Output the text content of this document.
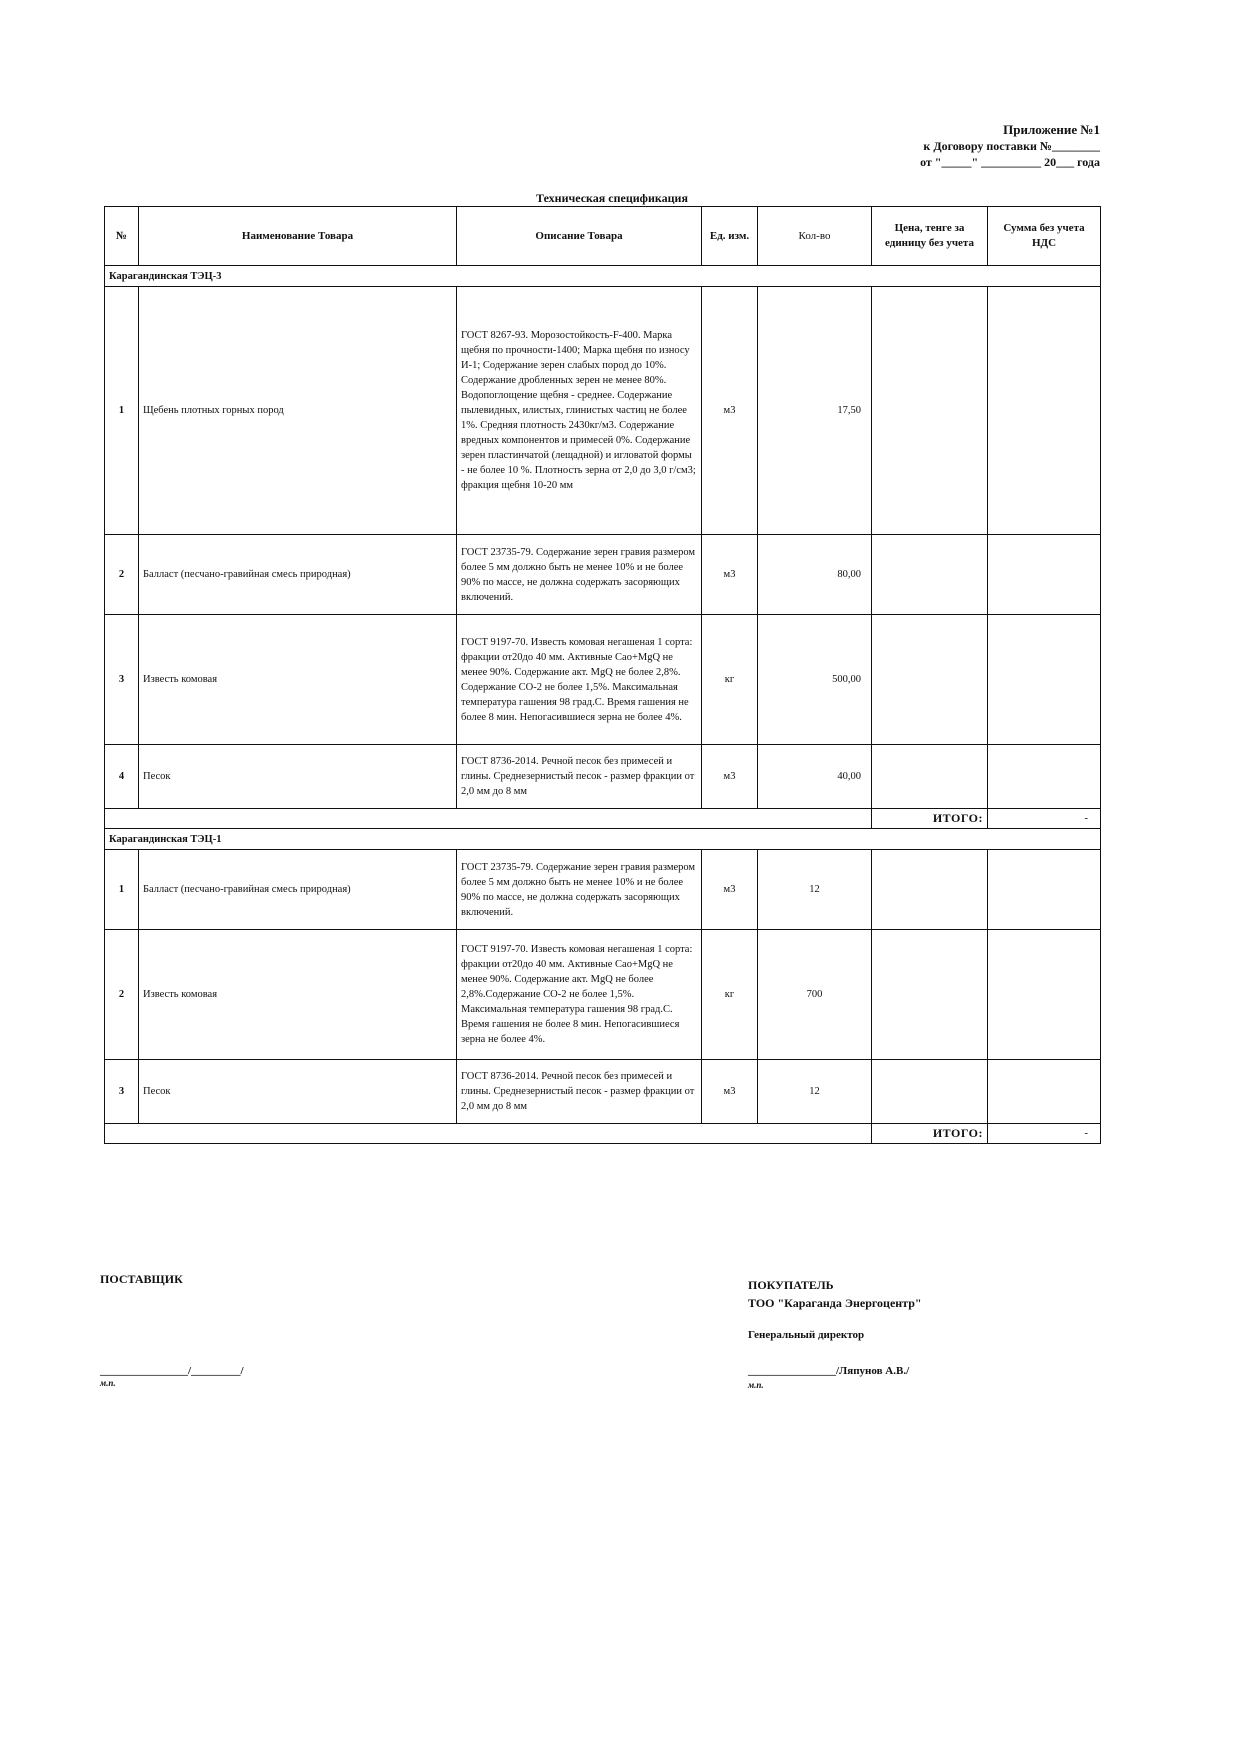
Приложение №1
к Договору поставки №________
от "_____" __________ 20___ года
Техническая спецификация
№	Наименование Товара	Описание Товара	Ед. изм.	Кол-во	Цена, тенге за единицу без учета	Сумма без учета НДС
Карагандинская ТЭЦ-3						
1	Щебень плотных горных пород	ГОСТ 8267-93. Морозостойкость-F-400. Марка щебня по прочности-1400; Марка щебня по износу И-1; Содержание зерен слабых пород до 10%. Содержание дробленных зерен не менее 80%. Водопоглощение щебня - среднее. Содержание пылевидных, илистых, глинистых частиц не более 1%. Средняя плотность 2430кг/м3. Содержание вредных компонентов и примесей 0%. Содержание зерен пластинчатой (лещадной) и игловатой формы - не более 10 %. Плотность зерна от 2,0 до 3,0 г/см3; фракция щебня 10-20 мм	м3	17,50		
2	Балласт (песчано-гравийная смесь природная)	ГОСТ 23735-79. Содержание зерен гравия размером более 5 мм должно быть не менее 10% и не более 90% по массе, не должна содержать засоряющих включений.	м3	80,00		
3	Известь комовая	ГОСТ 9197-70. Известь комовая негашеная 1 сорта: фракции от20до 40 мм. Активные Сао+MgQ не менее 90%. Содержание акт. MgQ не более 2,8%. Содержание СО-2 не более 1,5%. Максимальная температура гашения 98 град.С. Время гашения не более 8 мин. Непогасившиеся зерна не более 4%.	кг	500,00		
4	Песок	ГОСТ 8736-2014. Речной песок без примесей и глины. Среднезернистый песок - размер фракции от 2,0 мм до 8 мм	м3	40,00		
					ИТОГО:	-
Карагандинская ТЭЦ-1						
1	Балласт (песчано-гравийная смесь природная)	ГОСТ 23735-79. Содержание зерен гравия размером более 5 мм должно быть не менее 10% и не более 90% по массе, не должна содержать засоряющих включений.	м3	12		
2	Известь комовая	ГОСТ 9197-70. Известь комовая негашеная 1 сорта: фракции от20до 40 мм. Активные Сао+MgQ не менее 90%. Содержание акт. MgQ не более 2,8%.Содержание СО-2 не более 1,5%. Максимальная температура гашения 98 град.С. Время гашения не более 8 мин. Непогасившиеся зерна не более 4%.	кг	700		
3	Песок	ГОСТ 8736-2014. Речной песок без примесей и глины. Среднезернистый песок - размер фракции от 2,0 мм до 8 мм	м3	12		
					ИТОГО:	-
ПОСТАВЩИК
________________/_________/
м.п.
ПОКУПАТЕЛЬ
ТОО "Караганда Энергоцентр"
Генеральный директор
________________/Ляпунов А.В./
м.п.
